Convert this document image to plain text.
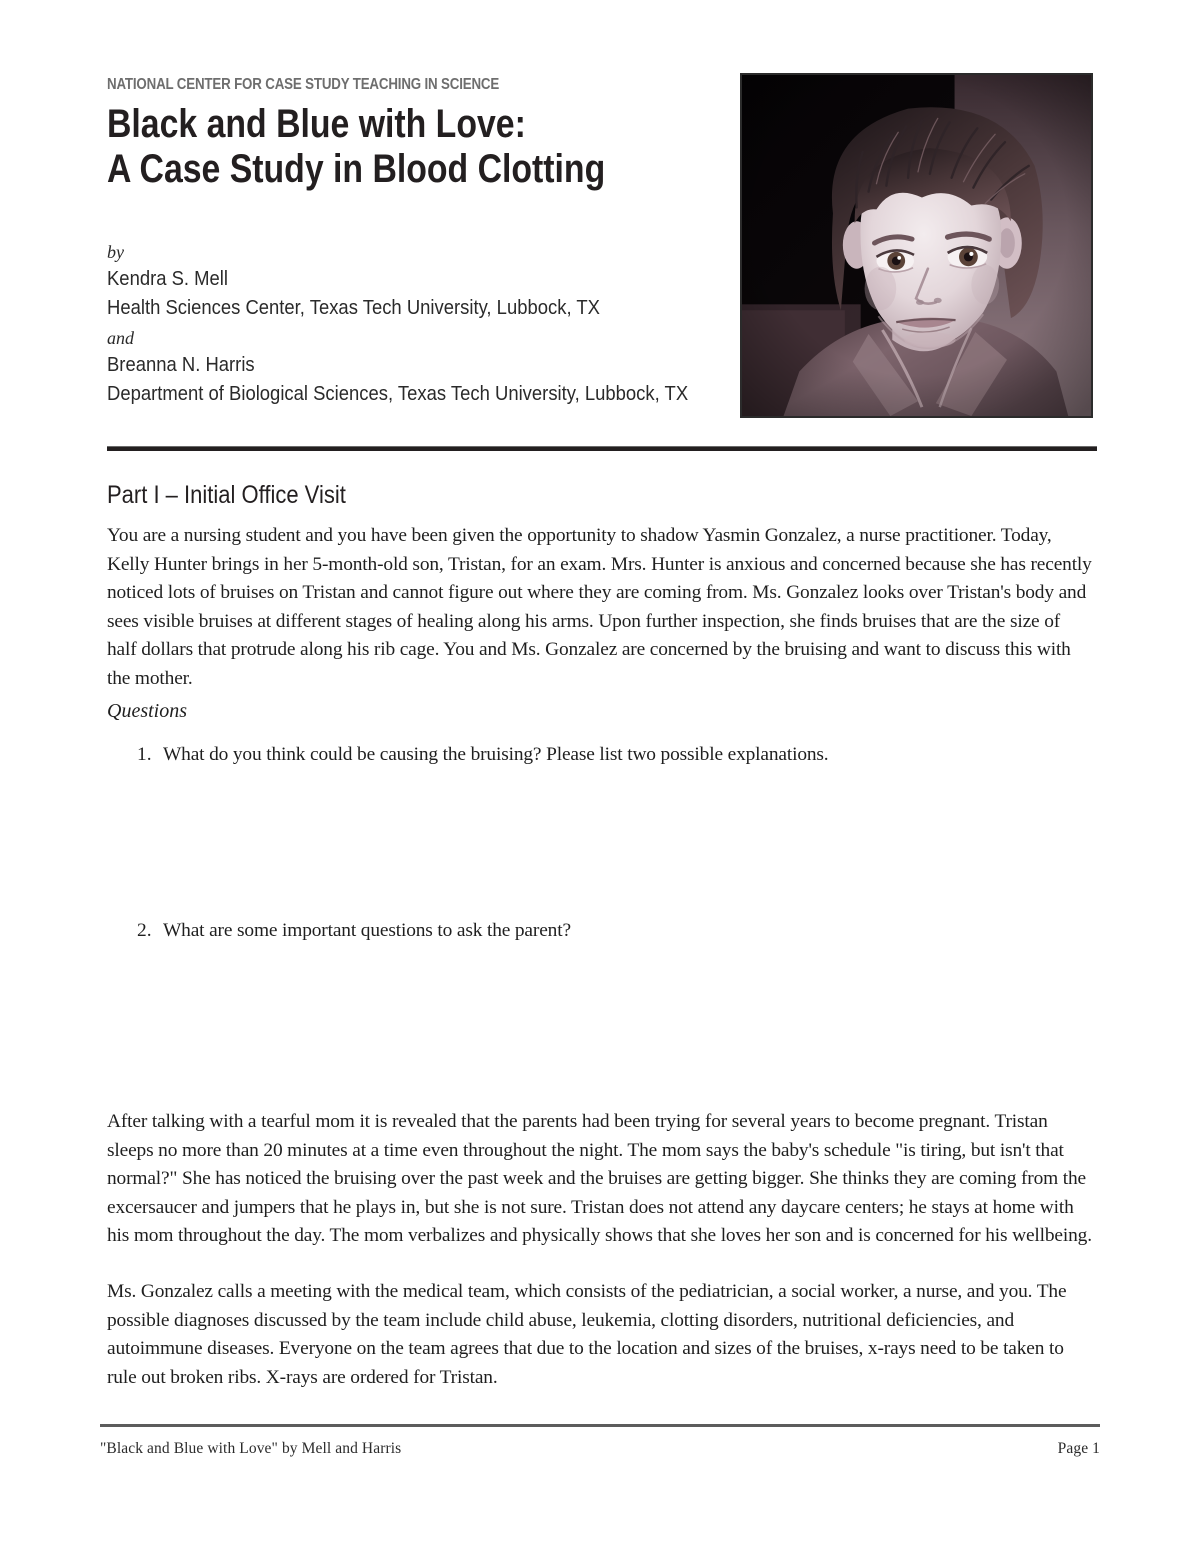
NATIONAL CENTER FOR CASE STUDY TEACHING IN SCIENCE
Black and Blue with Love:
A Case Study in Blood Clotting
by
Kendra S. Mell
Health Sciences Center, Texas Tech University, Lubbock, TX
and
Breanna N. Harris
Department of Biological Sciences, Texas Tech University, Lubbock, TX
Part I – Initial Office Visit
You are a nursing student and you have been given the opportunity to shadow Yasmin Gonzalez, a nurse practitioner. Today, Kelly Hunter brings in her 5-month-old son, Tristan, for an exam. Mrs. Hunter is anxious and concerned because she has recently noticed lots of bruises on Tristan and cannot figure out where they are coming from. Ms. Gonzalez looks over Tristan's body and sees visible bruises at different stages of healing along his arms. Upon further inspection, she finds bruises that are the size of half dollars that protrude along his rib cage. You and Ms. Gonzalez are concerned by the bruising and want to discuss this with the mother.
Questions
1. What do you think could be causing the bruising? Please list two possible explanations.
2. What are some important questions to ask the parent?
After talking with a tearful mom it is revealed that the parents had been trying for several years to become pregnant. Tristan sleeps no more than 20 minutes at a time even throughout the night. The mom says the baby's schedule "is tiring, but isn't that normal?" She has noticed the bruising over the past week and the bruises are getting bigger. She thinks they are coming from the excersaucer and jumpers that he plays in, but she is not sure. Tristan does not attend any daycare centers; he stays at home with his mom throughout the day. The mom verbalizes and physically shows that she loves her son and is concerned for his wellbeing.
Ms. Gonzalez calls a meeting with the medical team, which consists of the pediatrician, a social worker, a nurse, and you. The possible diagnoses discussed by the team include child abuse, leukemia, clotting disorders, nutritional deficiencies, and autoimmune diseases. Everyone on the team agrees that due to the location and sizes of the bruises, x-rays need to be taken to rule out broken ribs. X-rays are ordered for Tristan.
"Black and Blue with Love" by Mell and Harris	Page 1
